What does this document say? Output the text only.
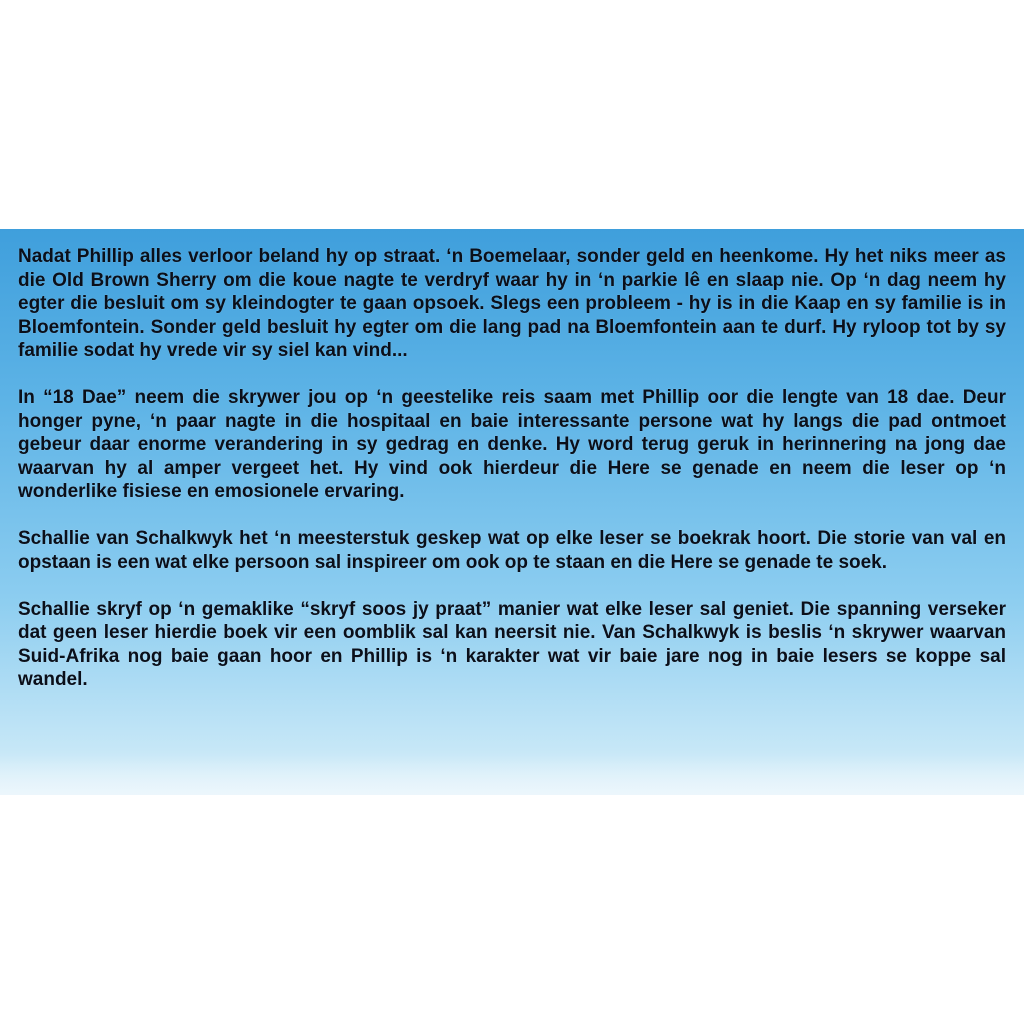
Nadat Phillip alles verloor beland hy op straat. ‘n Boemelaar, sonder geld en heenkome. Hy het niks meer as die Old Brown Sherry om die koue nagte te verdryf waar hy in ‘n parkie lê en slaap nie. Op ‘n dag neem hy egter die besluit om sy kleindogter te gaan opsoek. Slegs een probleem - hy is in die Kaap en sy familie is in Bloemfontein. Sonder geld besluit hy egter om die lang pad na Bloemfontein aan te durf. Hy ryloop tot by sy familie sodat hy vrede vir sy siel kan vind...

In “18 Dae” neem die skrywer jou op ‘n geestelike reis saam met Phillip oor die lengte van 18 dae. Deur honger pyne, ‘n paar nagte in die hospitaal en baie interessante persone wat hy langs die pad ontmoet gebeur daar enorme verandering in sy gedrag en denke. Hy word terug geruk in herinnering na jong dae waarvan hy al amper vergeet het. Hy vind ook hierdeur die Here se genade en neem die leser op ‘n wonderlike fisiese en emosionele ervaring.

Schallie van Schalkwyk het ‘n meesterstuk geskep wat op elke leser se boekrak hoort. Die storie van val en opstaan is een wat elke persoon sal inspireer om ook op te staan en die Here se genade te soek.

Schallie skryf op ‘n gemaklike “skryf soos jy praat” manier wat elke leser sal geniet. Die spanning verseker dat geen leser hierdie boek vir een oomblik sal kan neersit nie. Van Schalkwyk is beslis ‘n skrywer waarvan Suid-Afrika nog baie gaan hoor en Phillip is ‘n karakter wat vir baie jare nog in baie lesers se koppe sal wandel.
